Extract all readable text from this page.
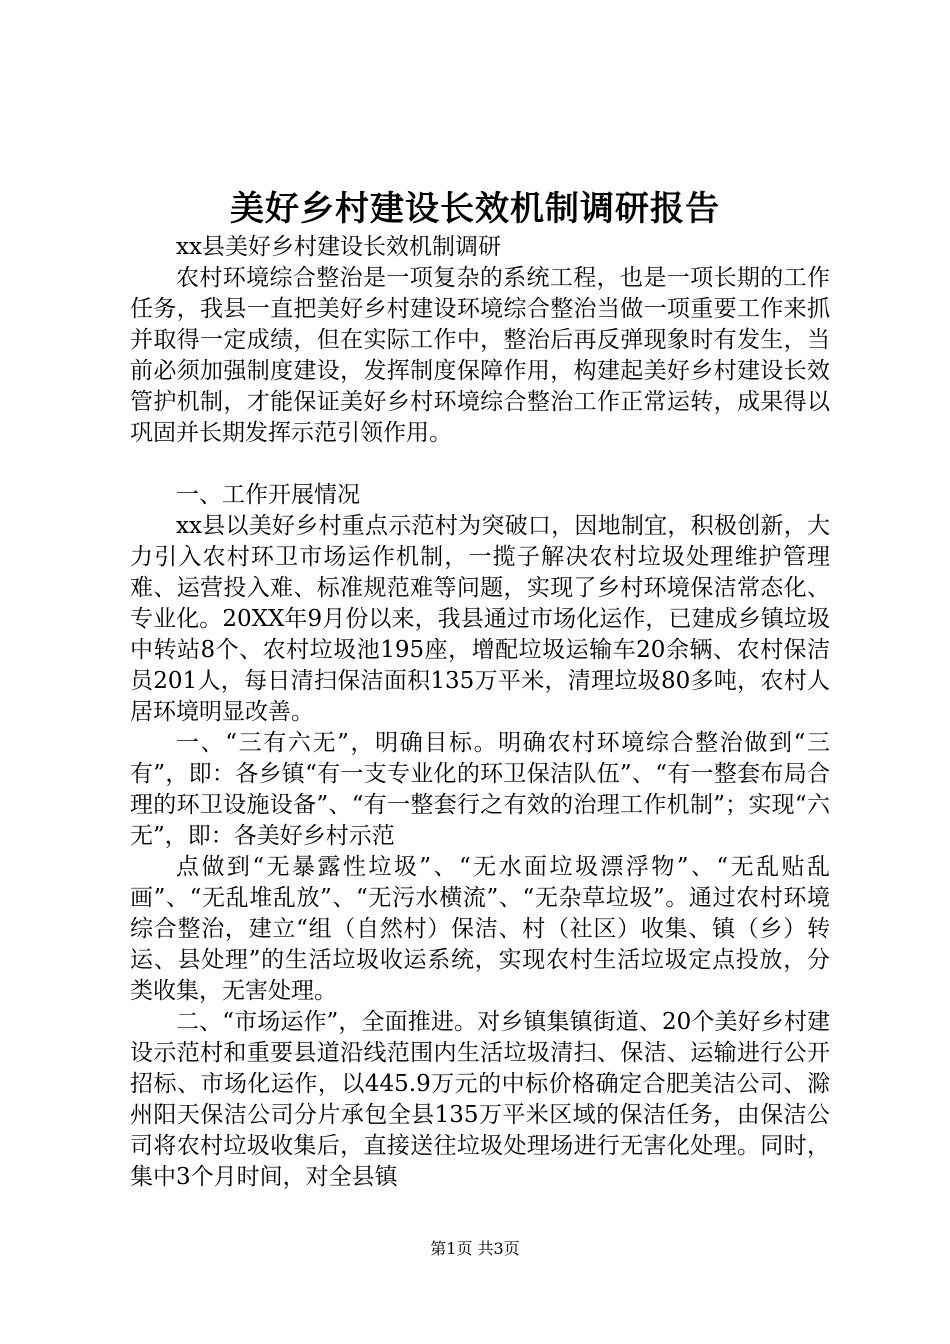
美好乡村建设长效机制调研报告

xx县美好乡村建设长效机制调研

农村环境综合整治是一项复杂的系统工程，也是一项长期的工作任务，我县一直把美好乡村建设环境综合整治当做一项重要工作来抓并取得一定成绩，但在实际工作中，整治后再反弹现象时有发生，当前必须加强制度建设，发挥制度保障作用，构建起美好乡村建设长效管护机制，才能保证美好乡村环境综合整治工作正常运转，成果得以巩固并长期发挥示范引领作用。

一、工作开展情况

xx县以美好乡村重点示范村为突破口，因地制宜，积极创新，大力引入农村环卫市场运作机制，一揽子解决农村垃圾处理维护管理难、运营投入难、标准规范难等问题，实现了乡村环境保洁常态化、专业化。20XX年9月份以来，我县通过市场化运作，已建成乡镇垃圾中转站8个、农村垃圾池195座，增配垃圾运输车20余辆、农村保洁员201人，每日清扫保洁面积135万平米，清理垃圾80多吨，农村人居环境明显改善。

一、“三有六无”，明确目标。明确农村环境综合整治做到“三有”，即：各乡镇“有一支专业化的环卫保洁队伍”、“有一整套布局合理的环卫设施设备”、“有一整套行之有效的治理工作机制”；实现“六无”，即：各美好乡村示范

点做到“无暴露性垃圾”、“无水面垃圾漂浮物”、“无乱贴乱画”、“无乱堆乱放”、“无污水横流”、“无杂草垃圾”。通过农村环境综合整治，建立“组（自然村）保洁、村（社区）收集、镇（乡）转运、县处理”的生活垃圾收运系统，实现农村生活垃圾定点投放，分类收集，无害处理。

二、“市场运作”，全面推进。对乡镇集镇街道、20个美好乡村建设示范村和重要县道沿线范围内生活垃圾清扫、保洁、运输进行公开招标、市场化运作，以445.9万元的中标价格确定合肥美洁公司、滁州阳天保洁公司分片承包全县135万平米区域的保洁任务，由保洁公司将农村垃圾收集后，直接送往垃圾处理场进行无害化处理。同时，集中3个月时间，对全县镇

第1页 共3页
